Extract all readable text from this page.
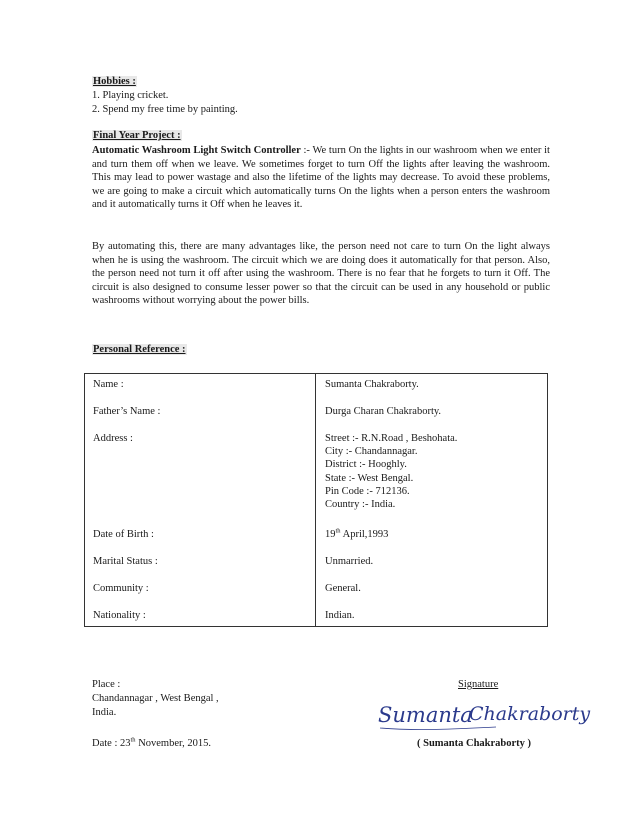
Hobbies :
1. Playing cricket.
2. Spend my free time by painting.
Final Year Project :
Automatic Washroom Light Switch Controller :- We turn On the lights in our washroom when we enter it and turn them off when we leave. We sometimes forget to turn Off the lights after leaving the washroom. This may lead to power wastage and also the lifetime of the lights may decrease. To avoid these problems, we are going to make a circuit which automatically turns On the lights when a person enters the washroom and it automatically turns it Off when he leaves it.
By automating this, there are many advantages like, the person need not care to turn On the light always when he is using the washroom. The circuit which we are doing does it automatically for that person. Also, the person need not turn it off after using the washroom. There is no fear that he forgets to turn it Off. The circuit is also designed to consume lesser power so that the circuit can be used in any household or public washrooms without worrying about the power bills.
Personal Reference :
Name :	Sumanta Chakraborty.
Father’s Name :	Durga Charan Chakraborty.
Address :	Street :- R.N.Road , Beshohata.
City :- Chandannagar.
District :- Hooghly.
State :- West Bengal.
Pin Code :- 712136.
Country :- India.
Date of Birth :	19th April,1993
Marital Status :	Unmarried.
Community :	General.
Nationality :	Indian.
Place :
Chandannagar , West Bengal ,
India.
Date : 23th November, 2015.
Signature
Sumanta
Chakraborty
( Sumanta Chakraborty )
